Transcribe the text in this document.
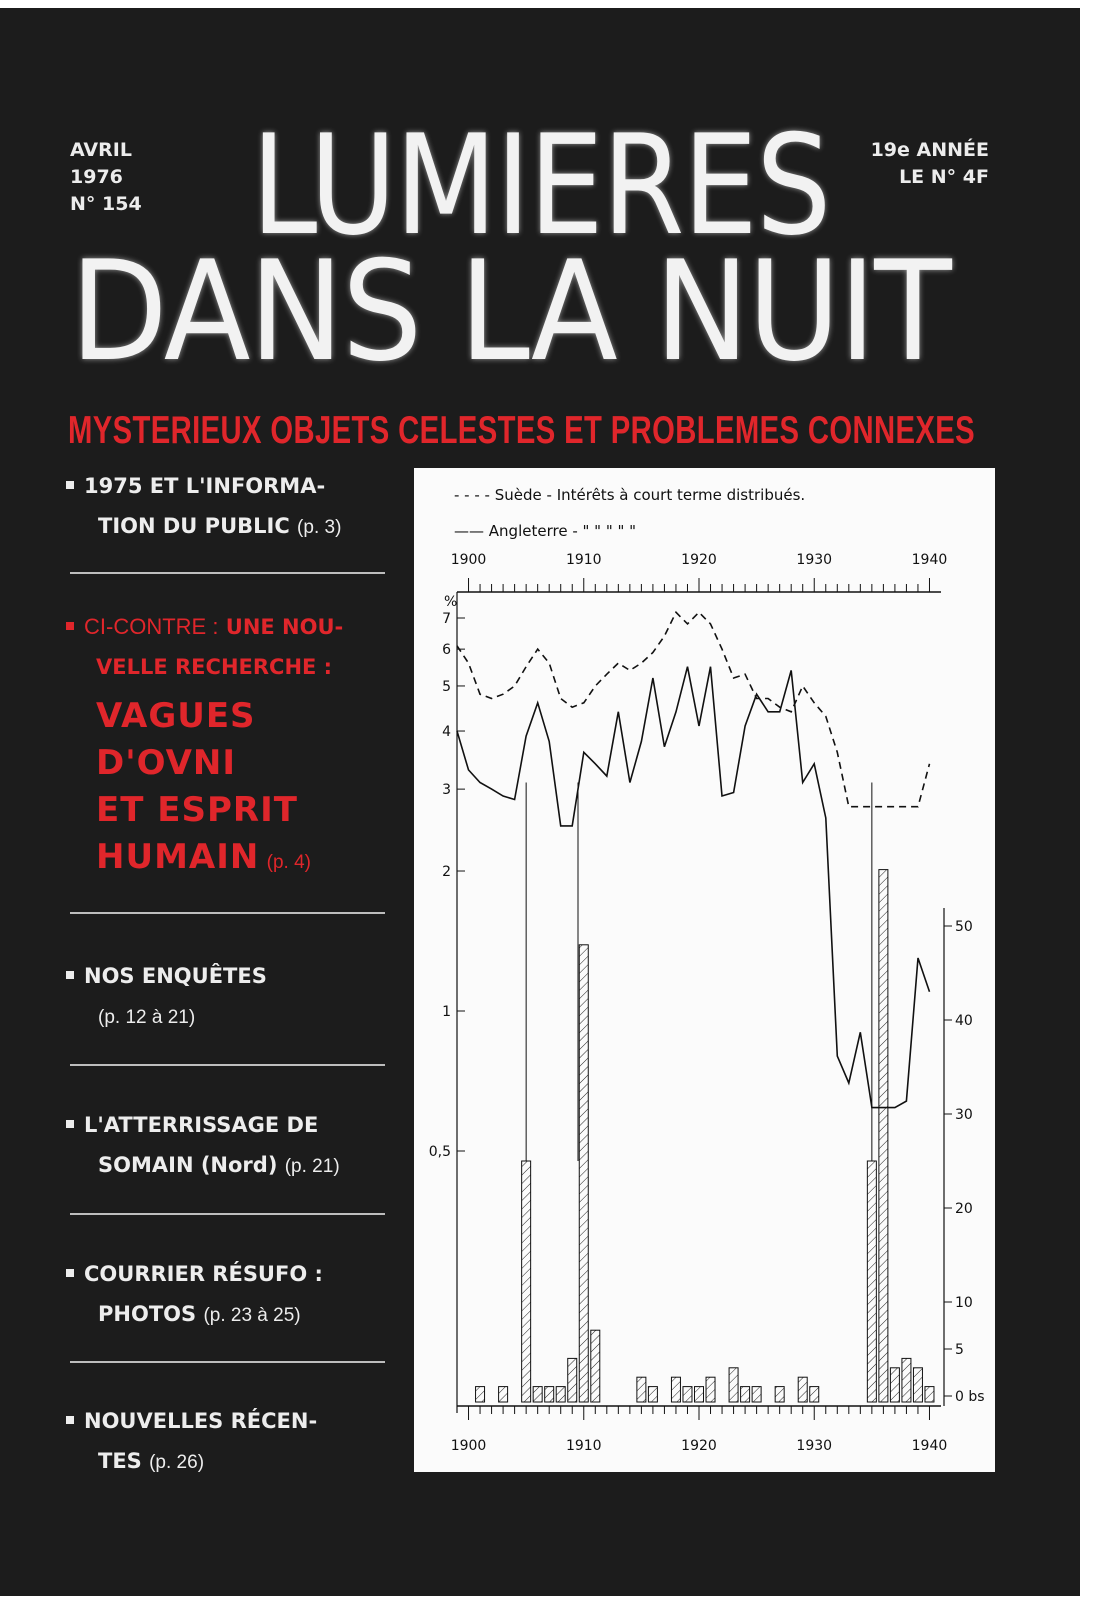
AVRIL
1976
N° 154
19e ANNÉE
LE N° 4F
LUMIERES
DANS LA NUIT
MYSTERIEUX OBJETS CELESTES ET PROBLEMES CONNEXES
1975 ET L'INFORMA-
TION DU PUBLIC (p. 3)
CI-CONTRE : UNE NOU-
VELLE RECHERCHE :
VAGUES
D'OVNI
ET ESPRIT
HUMAIN (p. 4)
NOS ENQUÊTES
(p. 12 à 21)
L'ATTERRISSAGE DE
SOMAIN (Nord) (p. 21)
COURRIER RÉSUFO :
PHOTOS (p. 23 à 25)
NOUVELLES RÉCEN-
TES (p. 26)
- - - - Suède - Intérêts à court terme distribués.
—— Angleterre - " " " " "
1900	1910	1920	1930	1940
%
7
6
5
4
3
2
1
0,5
1900	1910	1920	1930	1940
50
40
30
20
10
5
0 bs
